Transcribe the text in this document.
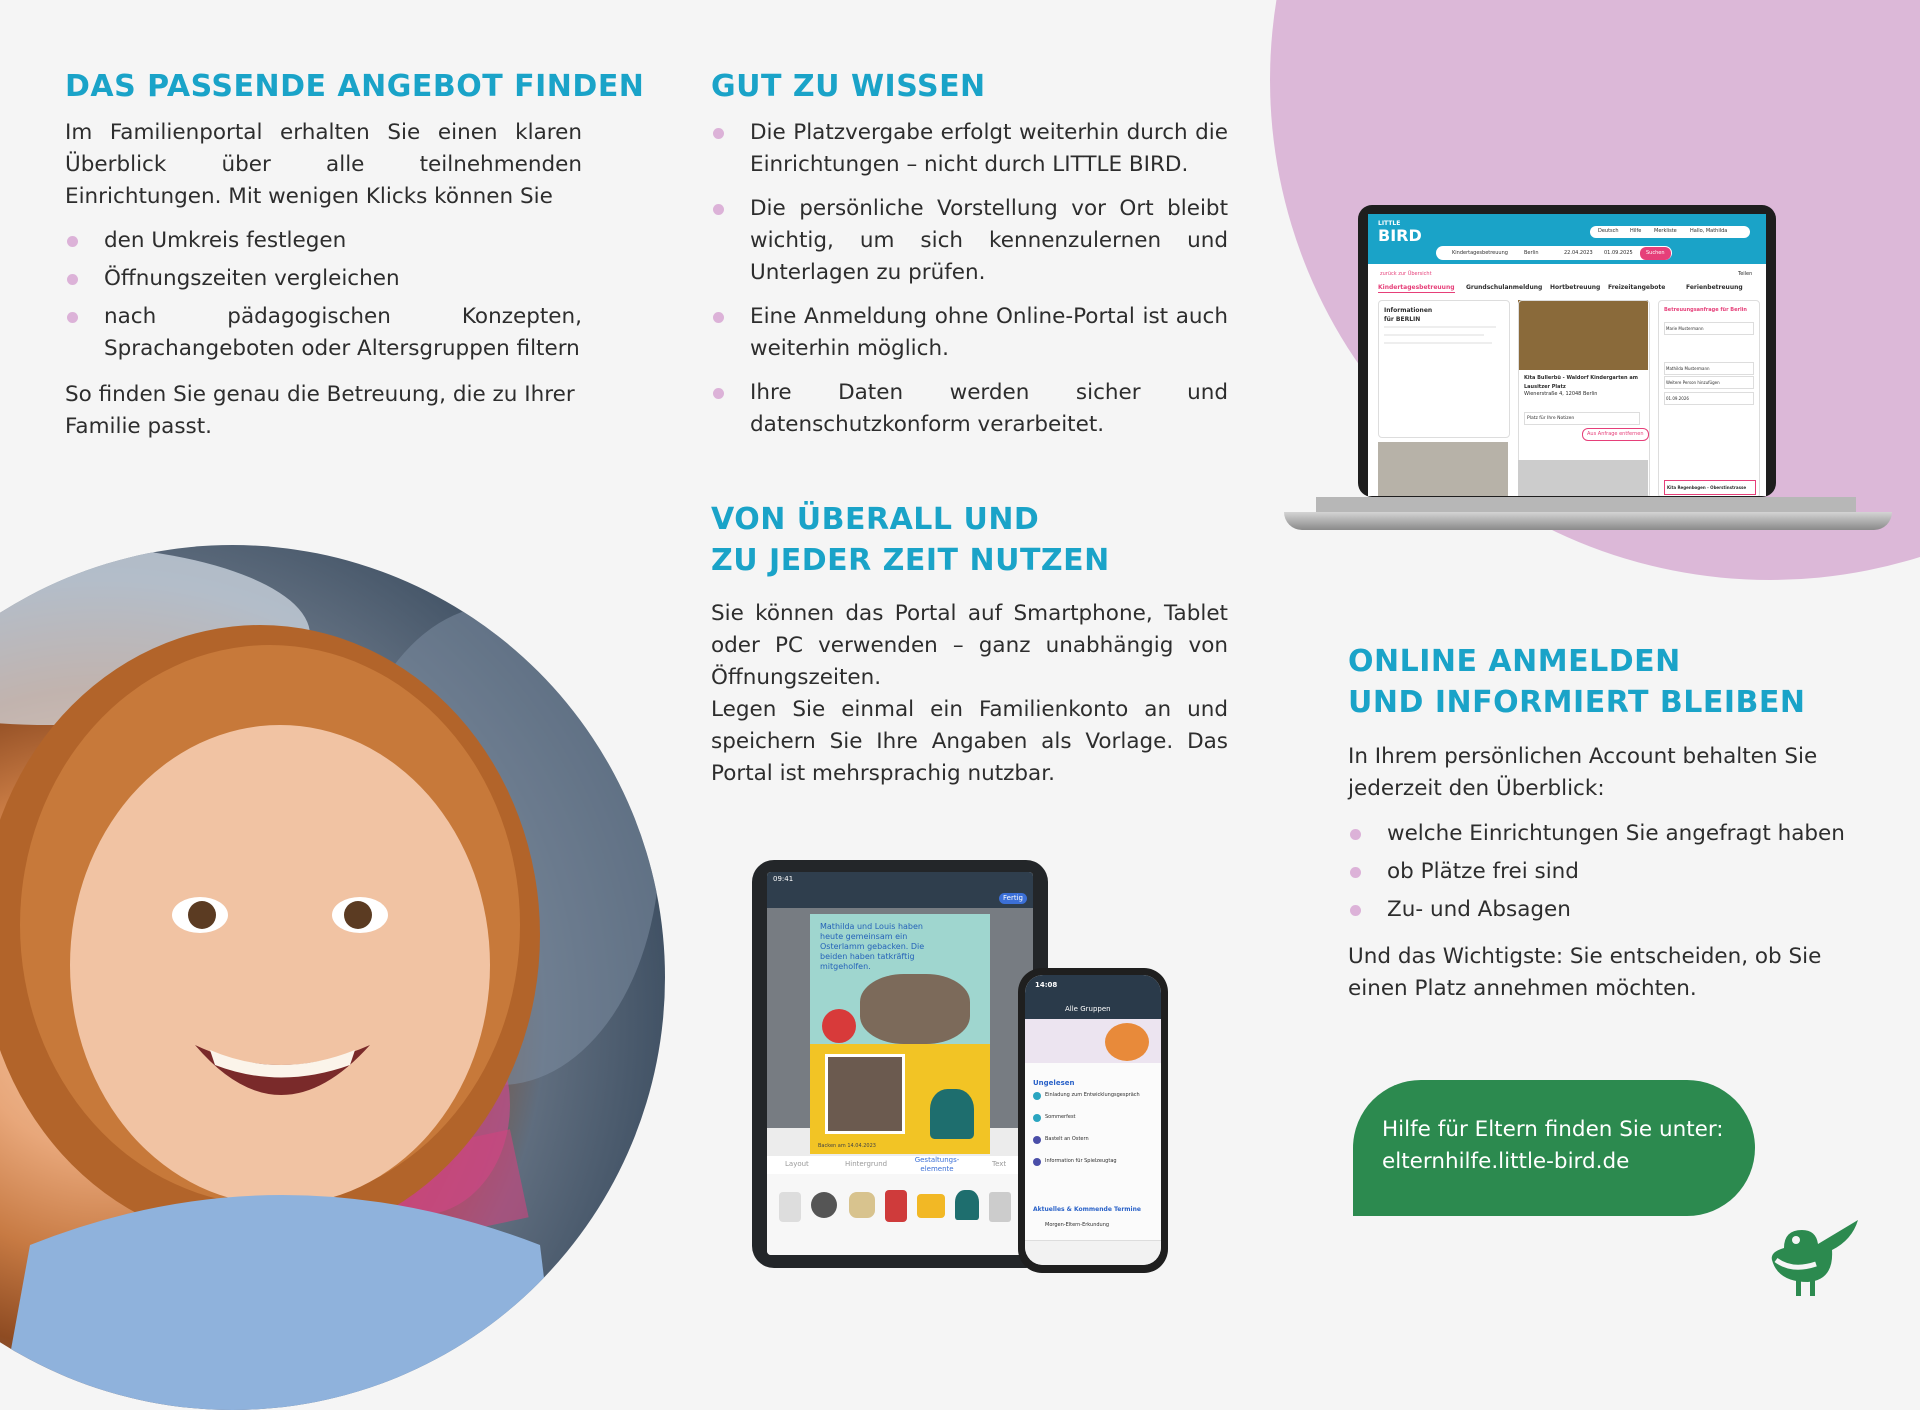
DAS PASSENDE ANGEBOT FINDEN

Im Familienportal erhalten Sie einen klaren Überblick über alle teilnehmenden Einrichtungen. Mit wenigen Klicks können Sie

den Umkreis festlegen
Öffnungszeiten vergleichen
nach pädagogischen Konzepten, Sprachangeboten oder Altersgruppen filtern

So finden Sie genau die Betreuung, die zu Ihrer Familie passt.

GUT ZU WISSEN
Die Platzvergabe erfolgt weiterhin durch die Einrichtungen – nicht durch LITTLE BIRD.
Die persönliche Vorstellung vor Ort bleibt wichtig, um sich kennenzulernen und Unterlagen zu prüfen.
Eine Anmeldung ohne Online-Portal ist auch weiterhin möglich.
Ihre Daten werden sicher und datenschutzkonform verarbeitet.
VON ÜBERALL UND
ZU JEDER ZEIT NUTZEN

Sie können das Portal auf Smartphone, Tablet oder PC verwenden – ganz unabhängig von Öffnungszeiten.

Legen Sie einmal ein Familienkonto an und speichern Sie Ihre Angaben als Vorlage. Das Portal ist mehrsprachig nutzbar.

09:41
Fertig
Mathilda und Louis haben heute gemeinsam ein Osterlamm gebacken. Die beiden haben tatkräftig mitgeholfen.
Backen am 14.04.2023
Layout	Hintergrund	Gestaltungs-elemente
Text
14:08
Alle Gruppen
Ungelesen
Einladung zum Entwicklungsgespräch
Sommerfest
Bastelt an Ostern
Information für Spielzeugtag
Aktuelles & Kommende Termine
Morgen-Eltern-Erkundung
LITTLE
BIRD	Deutsch Hilfe	Merkliste	Hallo, Mathilda
Kindertagesbetreuung	Berlin	22.04.2023 01.09.2025	Suchen
zurück zur Übersicht	Teilen
Kindertagesbetreuung Grundschulanmeldung Hortbetreuung Freizeitangebote	Ferienbetreuung
Informationen für BERLIN
Kita Bullerbü - Waldorf Kindergarten am Lausitzer Platz
Wienerstraße 4, 12048 Berlin
Platz für Ihre Notizen
Aus Anfrage entfernen
Betreuungsanfrage für Berlin
Marie Mustermann
Mathilda Mustermann
Weitere Person hinzufügen
01.09.2026
Kita Regenbogen - Oberstinstrasse
ONLINE ANMELDEN
UND INFORMIERT BLEIBEN

In Ihrem persönlichen Account behalten Sie jederzeit den Überblick:

welche Einrichtungen Sie angefragt haben
ob Plätze frei sind
Zu- und Absagen

Und das Wichtigste: Sie entscheiden, ob Sie einen Platz annehmen möchten.

Hilfe für Eltern finden Sie unter:

elternhilfe.little-bird.de
